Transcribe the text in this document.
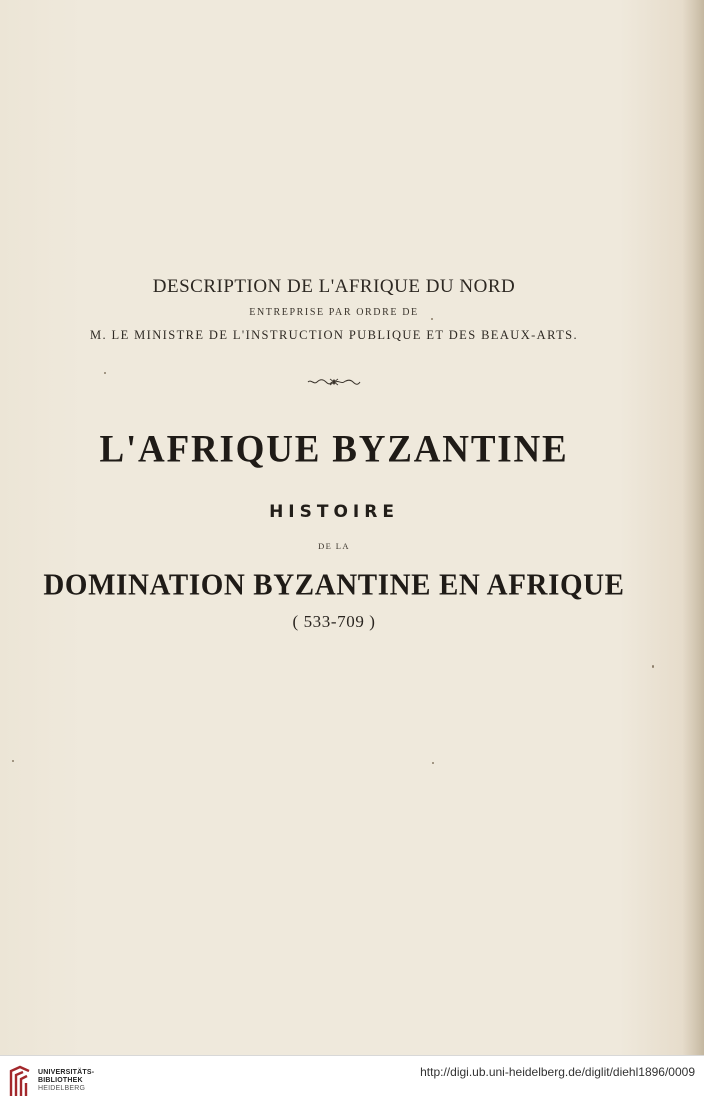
DESCRIPTION DE L'AFRIQUE DU NORD
ENTREPRISE PAR ORDRE DE
M. LE MINISTRE DE L'INSTRUCTION PUBLIQUE ET DES BEAUX-ARTS.
L'AFRIQUE BYZANTINE
HISTOIRE
DE LA
DOMINATION BYZANTINE EN AFRIQUE
( 533-709 )
UNIVERSITÄTS-
BIBLIOTHEK
HEIDELBERG
http://digi.ub.uni-heidelberg.de/diglit/diehl1896/0009
